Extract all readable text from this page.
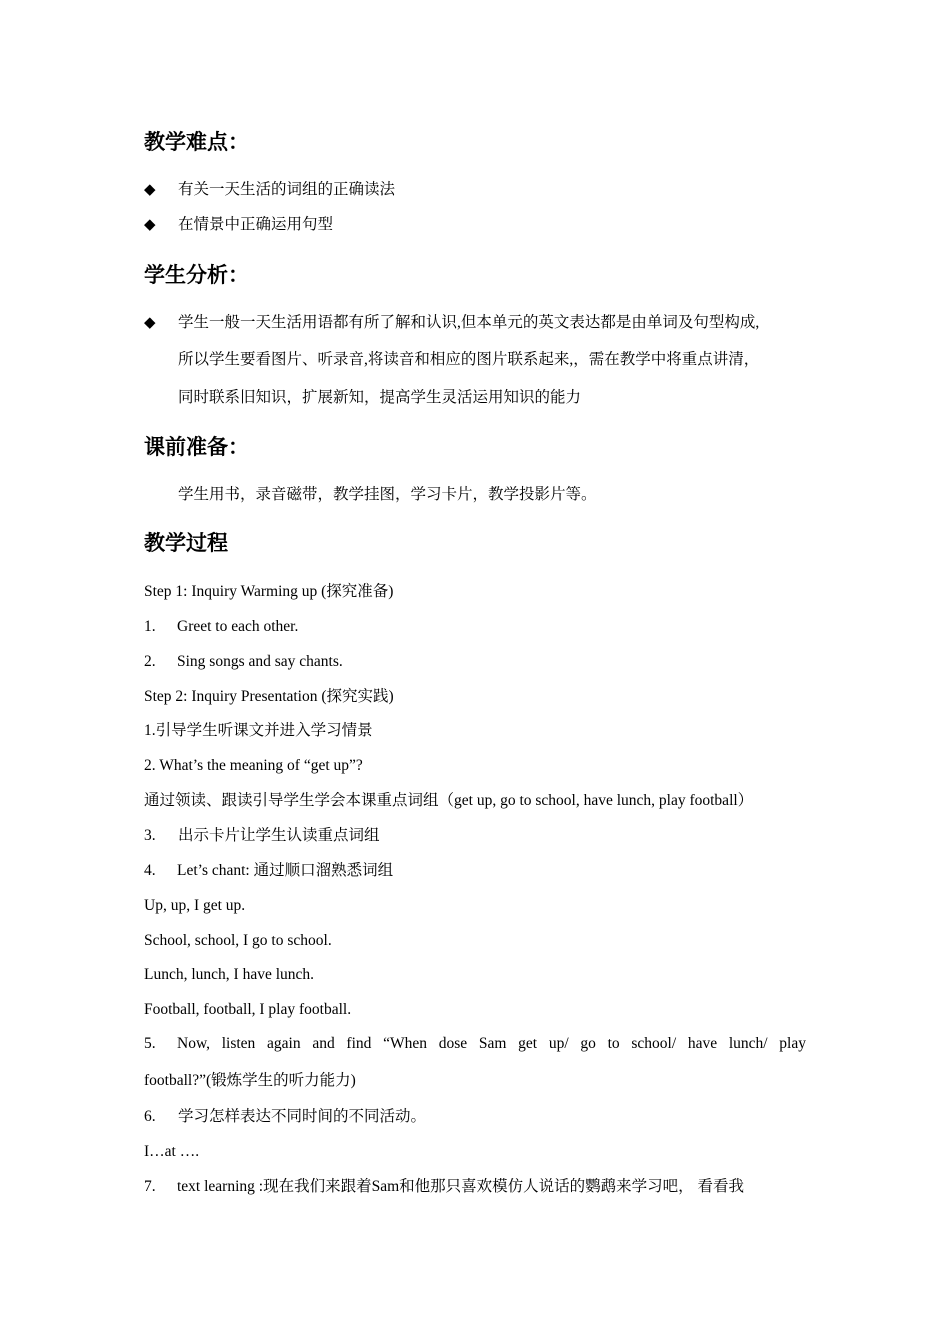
教学难点：
◆ 有关一天生活的词组的正确读法
◆ 在情景中正确运用句型
学生分析：
◆ 学生一般一天生活用语都有所了解和认识,但本单元的英文表达都是由单词及句型构成,
所以学生要看图片、听录音,将读音和相应的图片联系起来,，需在教学中将重点讲清，
同时联系旧知识，扩展新知，提高学生灵活运用知识的能力
课前准备：
学生用书，录音磁带，教学挂图，学习卡片，教学投影片等。
教学过程
Step 1: Inquiry Warming up (探究准备)
1. Greet to each other.
2. Sing songs and say chants.
Step 2: Inquiry Presentation (探究实践)
1.引导学生听课文并进入学习情景
2. What’s the meaning of “get up”?
通过领读、跟读引导学生学会本课重点词组（get up, go to school, have lunch, play football）
3. 出示卡片让学生认读重点词组
4. Let’s chant: 通过顺口溜熟悉词组
Up, up, I get up.
School, school, I go to school.
Lunch, lunch, I have lunch.
Football, football, I play football.
5. Now, listen again and find “When dose Sam get up/ go to school/ have lunch/ play
football?”(锻炼学生的听力能力)
6. 学习怎样表达不同时间的不同活动。
I…at ….
7. text learning :现在我们来跟着Sam和他那只喜欢模仿人说话的鹦鹉来学习吧， 看看我
